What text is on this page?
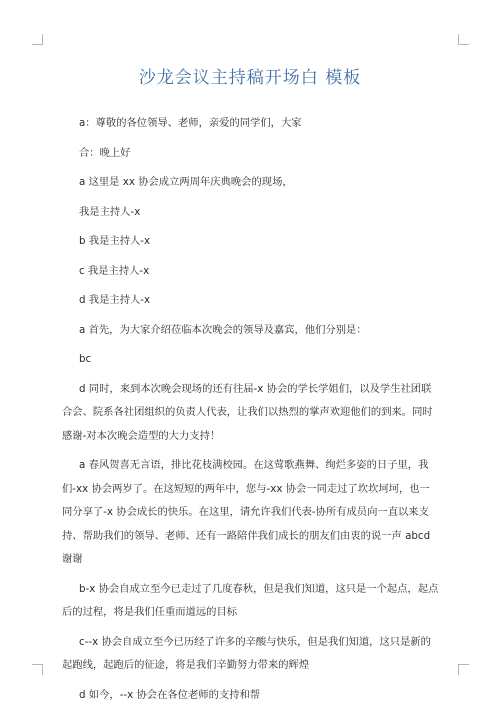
沙龙会议主持稿开场白 模板

a：尊敬的各位领导、老师，亲爱的同学们，大家

合：晚上好

a 这里是 xx 协会成立两周年庆典晚会的现场，

我是主持人-x

b 我是主持人-x

c 我是主持人-x

d 我是主持人-x

a 首先，为大家介绍莅临本次晚会的领导及嘉宾，他们分别是：

bc

d 同时，来到本次晚会现场的还有往届-x 协会的学长学姐们，以及学生社团联合会、院系各社团组织的负责人代表，让我们以热烈的掌声欢迎他们的到来。同时感谢-对本次晚会造型的大力支持！

a 春风贺喜无言语，排比花枝满校园。在这莺歌燕舞、绚烂多姿的日子里，我们-xx 协会两岁了。在这短短的两年中，您与-xx 协会一同走过了坎坎坷坷，也一同分享了-x 协会成长的快乐。在这里，请允许我们代表-协所有成员向一直以来支持、帮助我们的领导、老师、还有一路陪伴我们成长的朋友们由衷的说一声 abcd 谢谢

b-x 协会自成立至今已走过了几度春秋，但是我们知道，这只是一个起点，起点后的过程，将是我们任重而道远的目标

c--x 协会自成立至今已历经了许多的辛酸与快乐，但是我们知道，这只是新的起跑线，起跑后的征途，将是我们辛勤努力带来的辉煌

d 如今，--x 协会在各位老师的支持和帮
